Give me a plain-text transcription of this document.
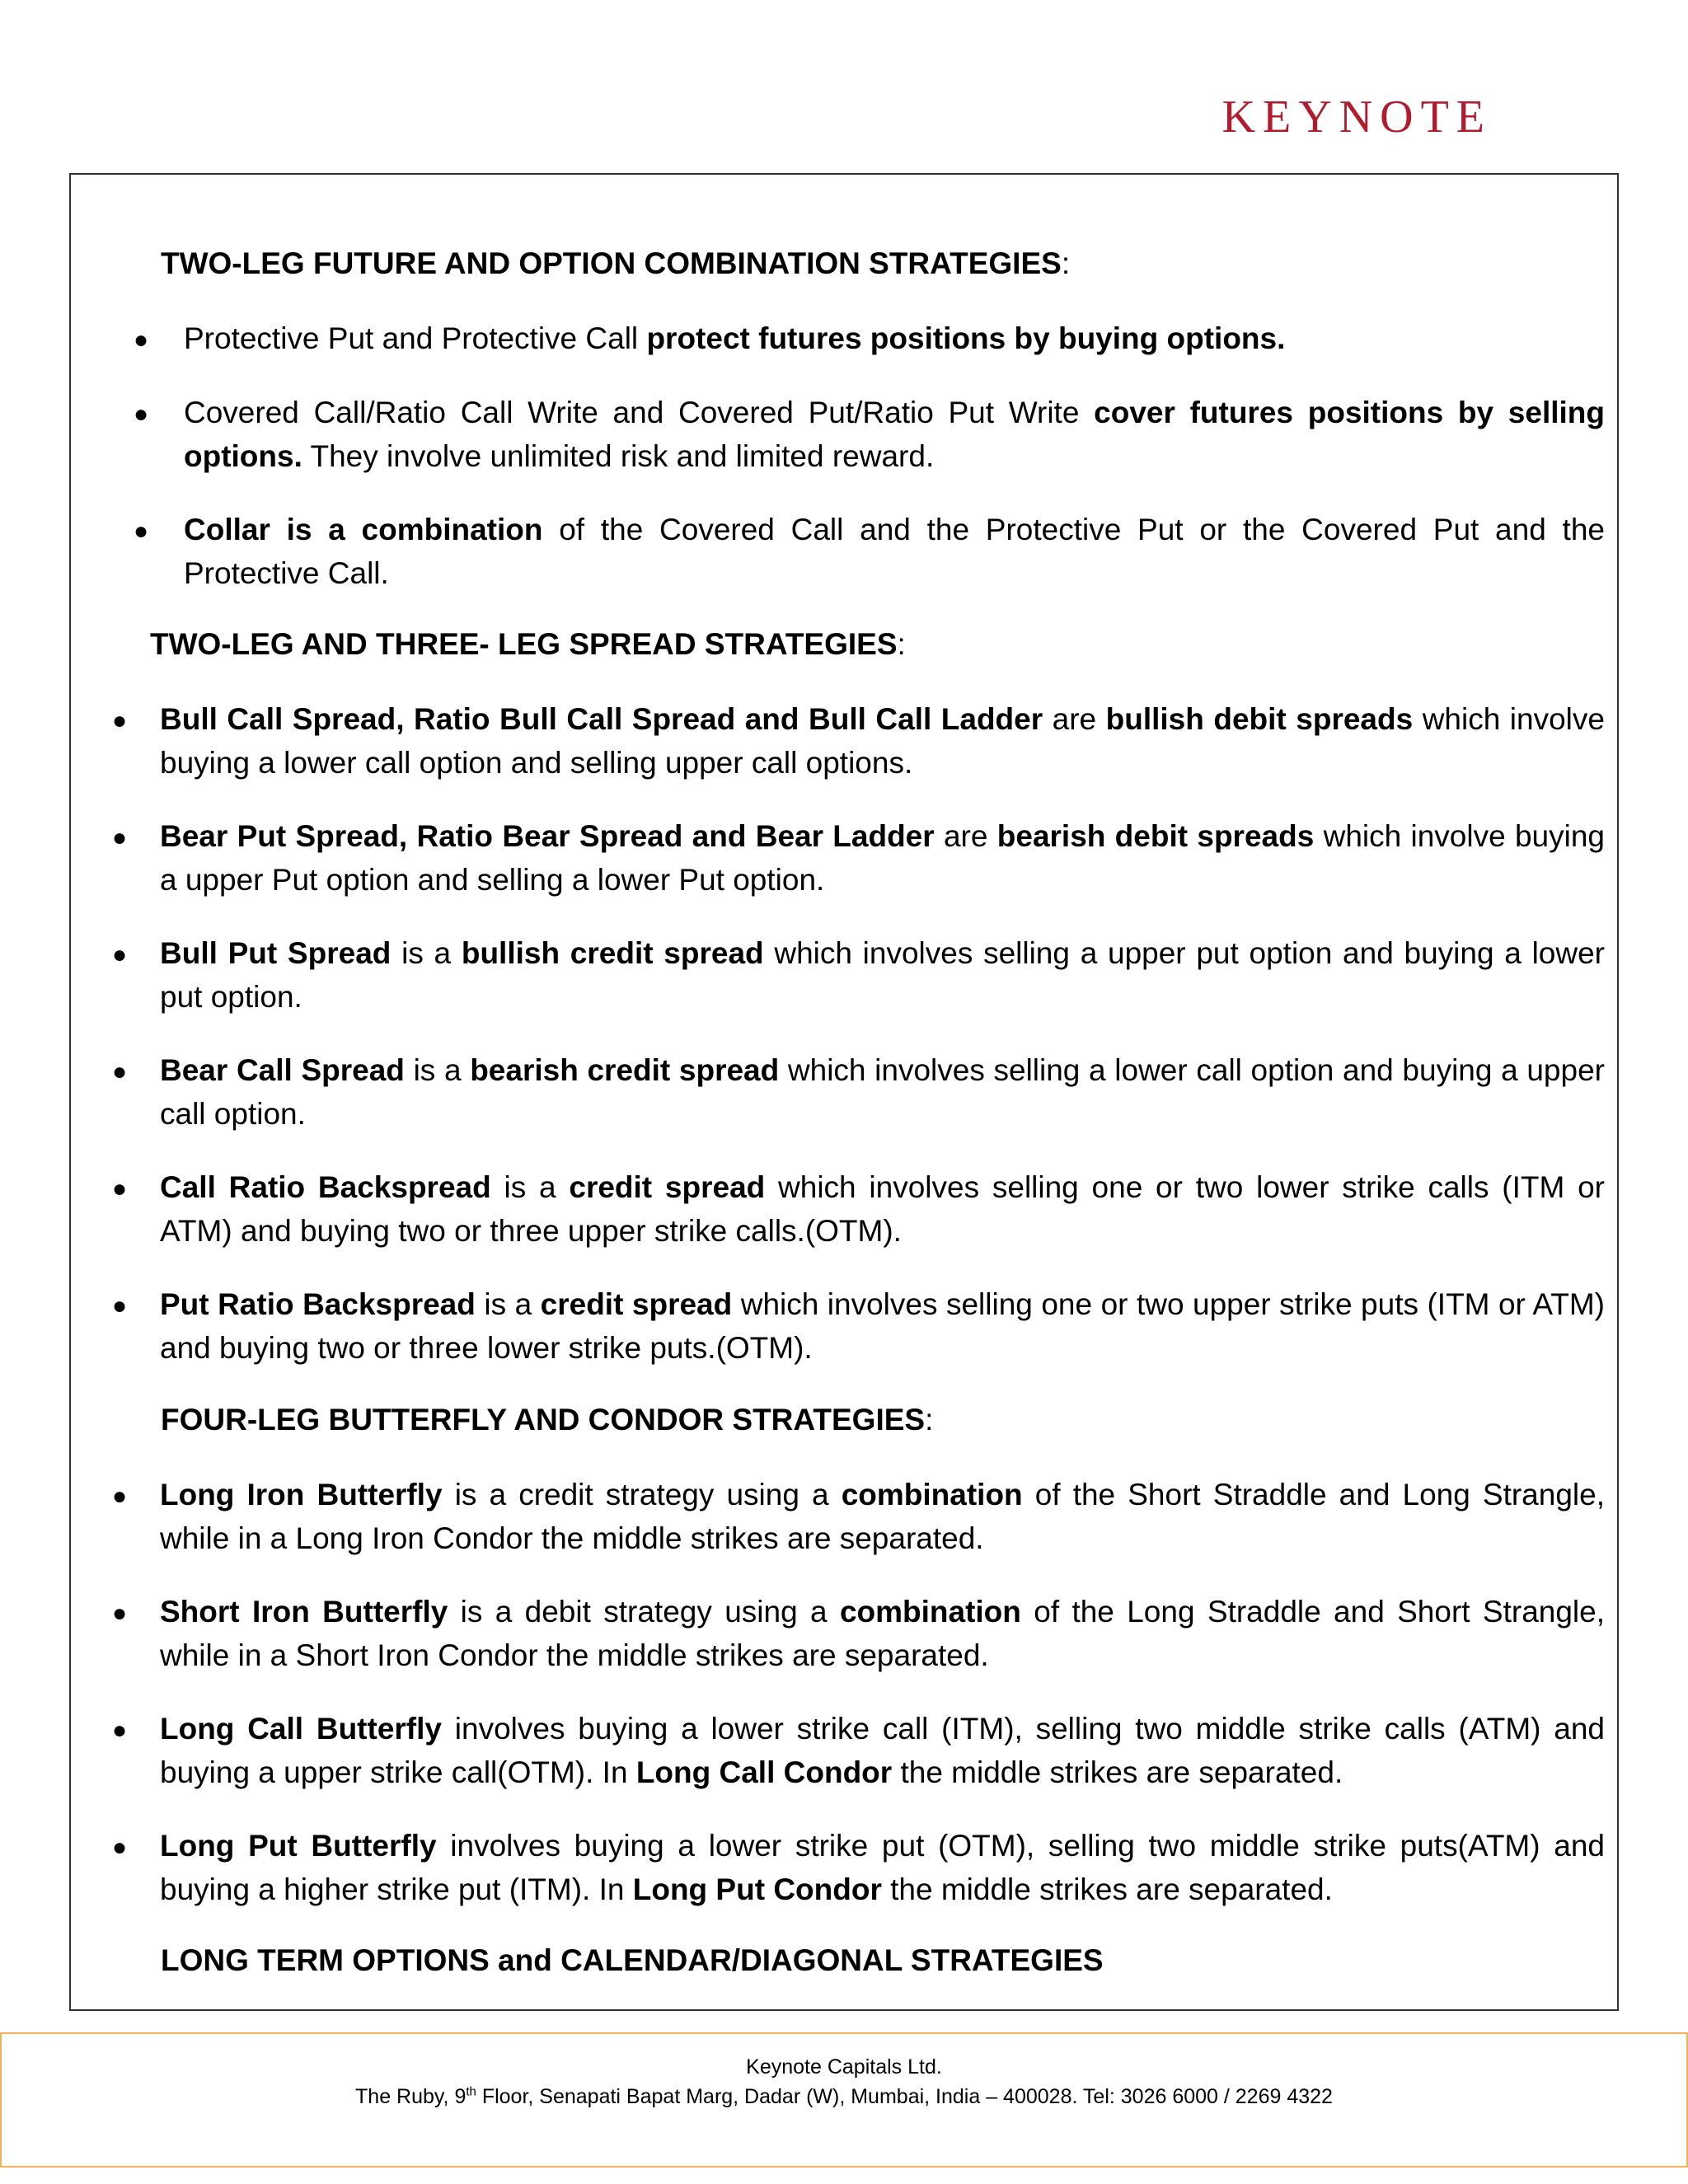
KEYNOTE
TWO-LEG FUTURE AND OPTION COMBINATION STRATEGIES:
● Protective Put and Protective Call protect futures positions by buying options.
● Covered Call/Ratio Call Write and Covered Put/Ratio Put Write cover futures positions by selling options. They involve unlimited risk and limited reward.
● Collar is a combination of the Covered Call and the Protective Put or the Covered Put and the Protective Call.
TWO-LEG AND THREE- LEG SPREAD STRATEGIES:
● Bull Call Spread, Ratio Bull Call Spread and Bull Call Ladder are bullish debit spreads which involve buying a lower call option and selling upper call options.
● Bear Put Spread, Ratio Bear Spread and Bear Ladder are bearish debit spreads which involve buying a upper Put option and selling a lower Put option.
● Bull Put Spread is a bullish credit spread which involves selling a upper put option and buying a lower put option.
● Bear Call Spread is a bearish credit spread which involves selling a lower call option and buying a upper call option.
● Call Ratio Backspread is a credit spread which involves selling one or two lower strike calls (ITM or ATM) and buying two or three upper strike calls.(OTM).
● Put Ratio Backspread is a credit spread which involves selling one or two upper strike puts (ITM or ATM) and buying two or three lower strike puts.(OTM).
FOUR-LEG BUTTERFLY AND CONDOR STRATEGIES:
● Long Iron Butterfly is a credit strategy using a combination of the Short Straddle and Long Strangle, while in a Long Iron Condor the middle strikes are separated.
● Short Iron Butterfly is a debit strategy using a combination of the Long Straddle and Short Strangle, while in a Short Iron Condor the middle strikes are separated.
● Long Call Butterfly involves buying a lower strike call (ITM), selling two middle strike calls (ATM) and buying a upper strike call(OTM). In Long Call Condor the middle strikes are separated.
● Long Put Butterfly involves buying a lower strike put (OTM), selling two middle strike puts(ATM) and buying a higher strike put (ITM). In Long Put Condor the middle strikes are separated.
LONG TERM OPTIONS and CALENDAR/DIAGONAL STRATEGIES
Keynote Capitals Ltd.
The Ruby, 9th Floor, Senapati Bapat Marg, Dadar (W), Mumbai, India – 400028. Tel: 3026 6000 / 2269 4322
